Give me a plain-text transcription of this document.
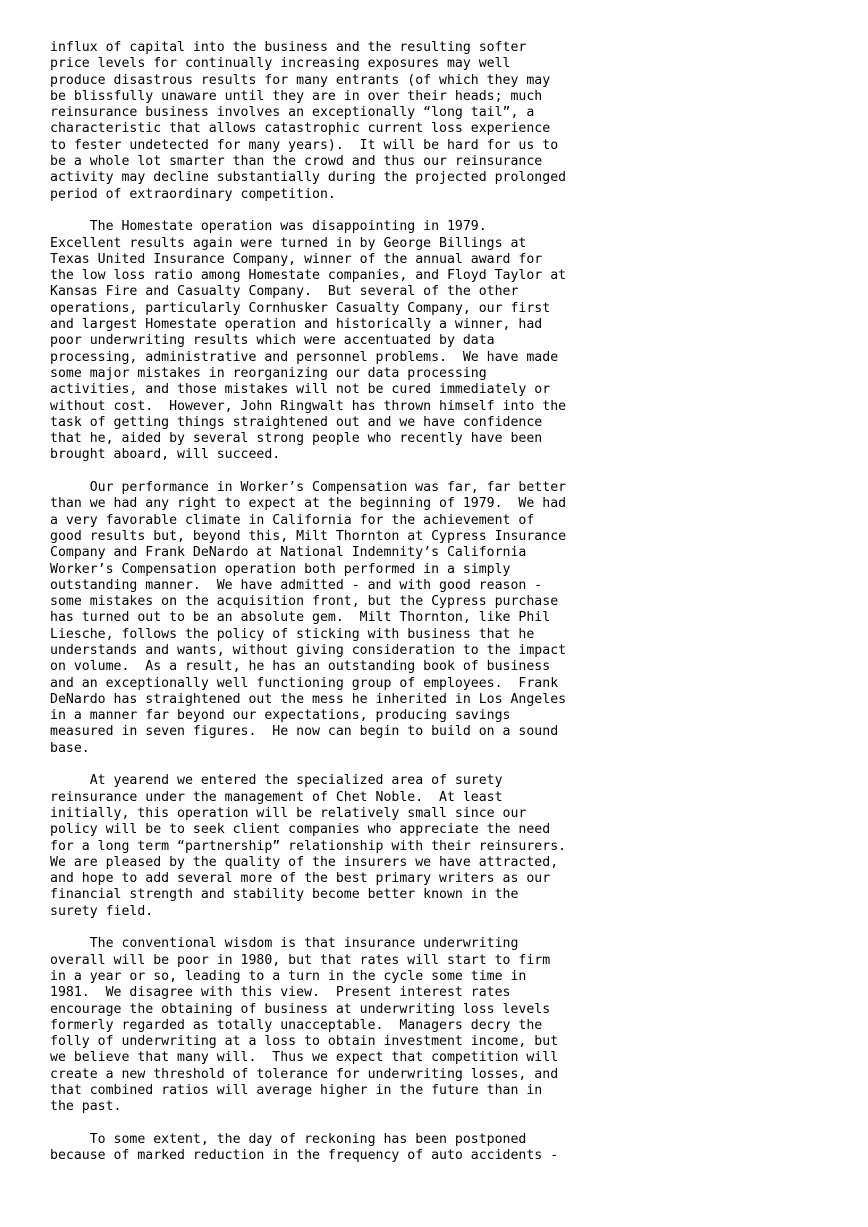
influx of capital into the business and the resulting softer
price levels for continually increasing exposures may well
produce disastrous results for many entrants (of which they may
be blissfully unaware until they are in over their heads; much
reinsurance business involves an exceptionally “long tail”, a
characteristic that allows catastrophic current loss experience
to fester undetected for many years).  It will be hard for us to
be a whole lot smarter than the crowd and thus our reinsurance
activity may decline substantially during the projected prolonged
period of extraordinary competition.
The Homestate operation was disappointing in 1979.
Excellent results again were turned in by George Billings at
Texas United Insurance Company, winner of the annual award for
the low loss ratio among Homestate companies, and Floyd Taylor at
Kansas Fire and Casualty Company.  But several of the other
operations, particularly Cornhusker Casualty Company, our first
and largest Homestate operation and historically a winner, had
poor underwriting results which were accentuated by data
processing, administrative and personnel problems.  We have made
some major mistakes in reorganizing our data processing
activities, and those mistakes will not be cured immediately or
without cost.  However, John Ringwalt has thrown himself into the
task of getting things straightened out and we have confidence
that he, aided by several strong people who recently have been
brought aboard, will succeed.
Our performance in Worker’s Compensation was far, far better
than we had any right to expect at the beginning of 1979.  We had
a very favorable climate in California for the achievement of
good results but, beyond this, Milt Thornton at Cypress Insurance
Company and Frank DeNardo at National Indemnity’s California
Worker’s Compensation operation both performed in a simply
outstanding manner.  We have admitted - and with good reason -
some mistakes on the acquisition front, but the Cypress purchase
has turned out to be an absolute gem.  Milt Thornton, like Phil
Liesche, follows the policy of sticking with business that he
understands and wants, without giving consideration to the impact
on volume.  As a result, he has an outstanding book of business
and an exceptionally well functioning group of employees.  Frank
DeNardo has straightened out the mess he inherited in Los Angeles
in a manner far beyond our expectations, producing savings
measured in seven figures.  He now can begin to build on a sound
base.
At yearend we entered the specialized area of surety
reinsurance under the management of Chet Noble.  At least
initially, this operation will be relatively small since our
policy will be to seek client companies who appreciate the need
for a long term “partnership” relationship with their reinsurers.
We are pleased by the quality of the insurers we have attracted,
and hope to add several more of the best primary writers as our
financial strength and stability become better known in the
surety field.
The conventional wisdom is that insurance underwriting
overall will be poor in 1980, but that rates will start to firm
in a year or so, leading to a turn in the cycle some time in
1981.  We disagree with this view.  Present interest rates
encourage the obtaining of business at underwriting loss levels
formerly regarded as totally unacceptable.  Managers decry the
folly of underwriting at a loss to obtain investment income, but
we believe that many will.  Thus we expect that competition will
create a new threshold of tolerance for underwriting losses, and
that combined ratios will average higher in the future than in
the past.
To some extent, the day of reckoning has been postponed
because of marked reduction in the frequency of auto accidents -
